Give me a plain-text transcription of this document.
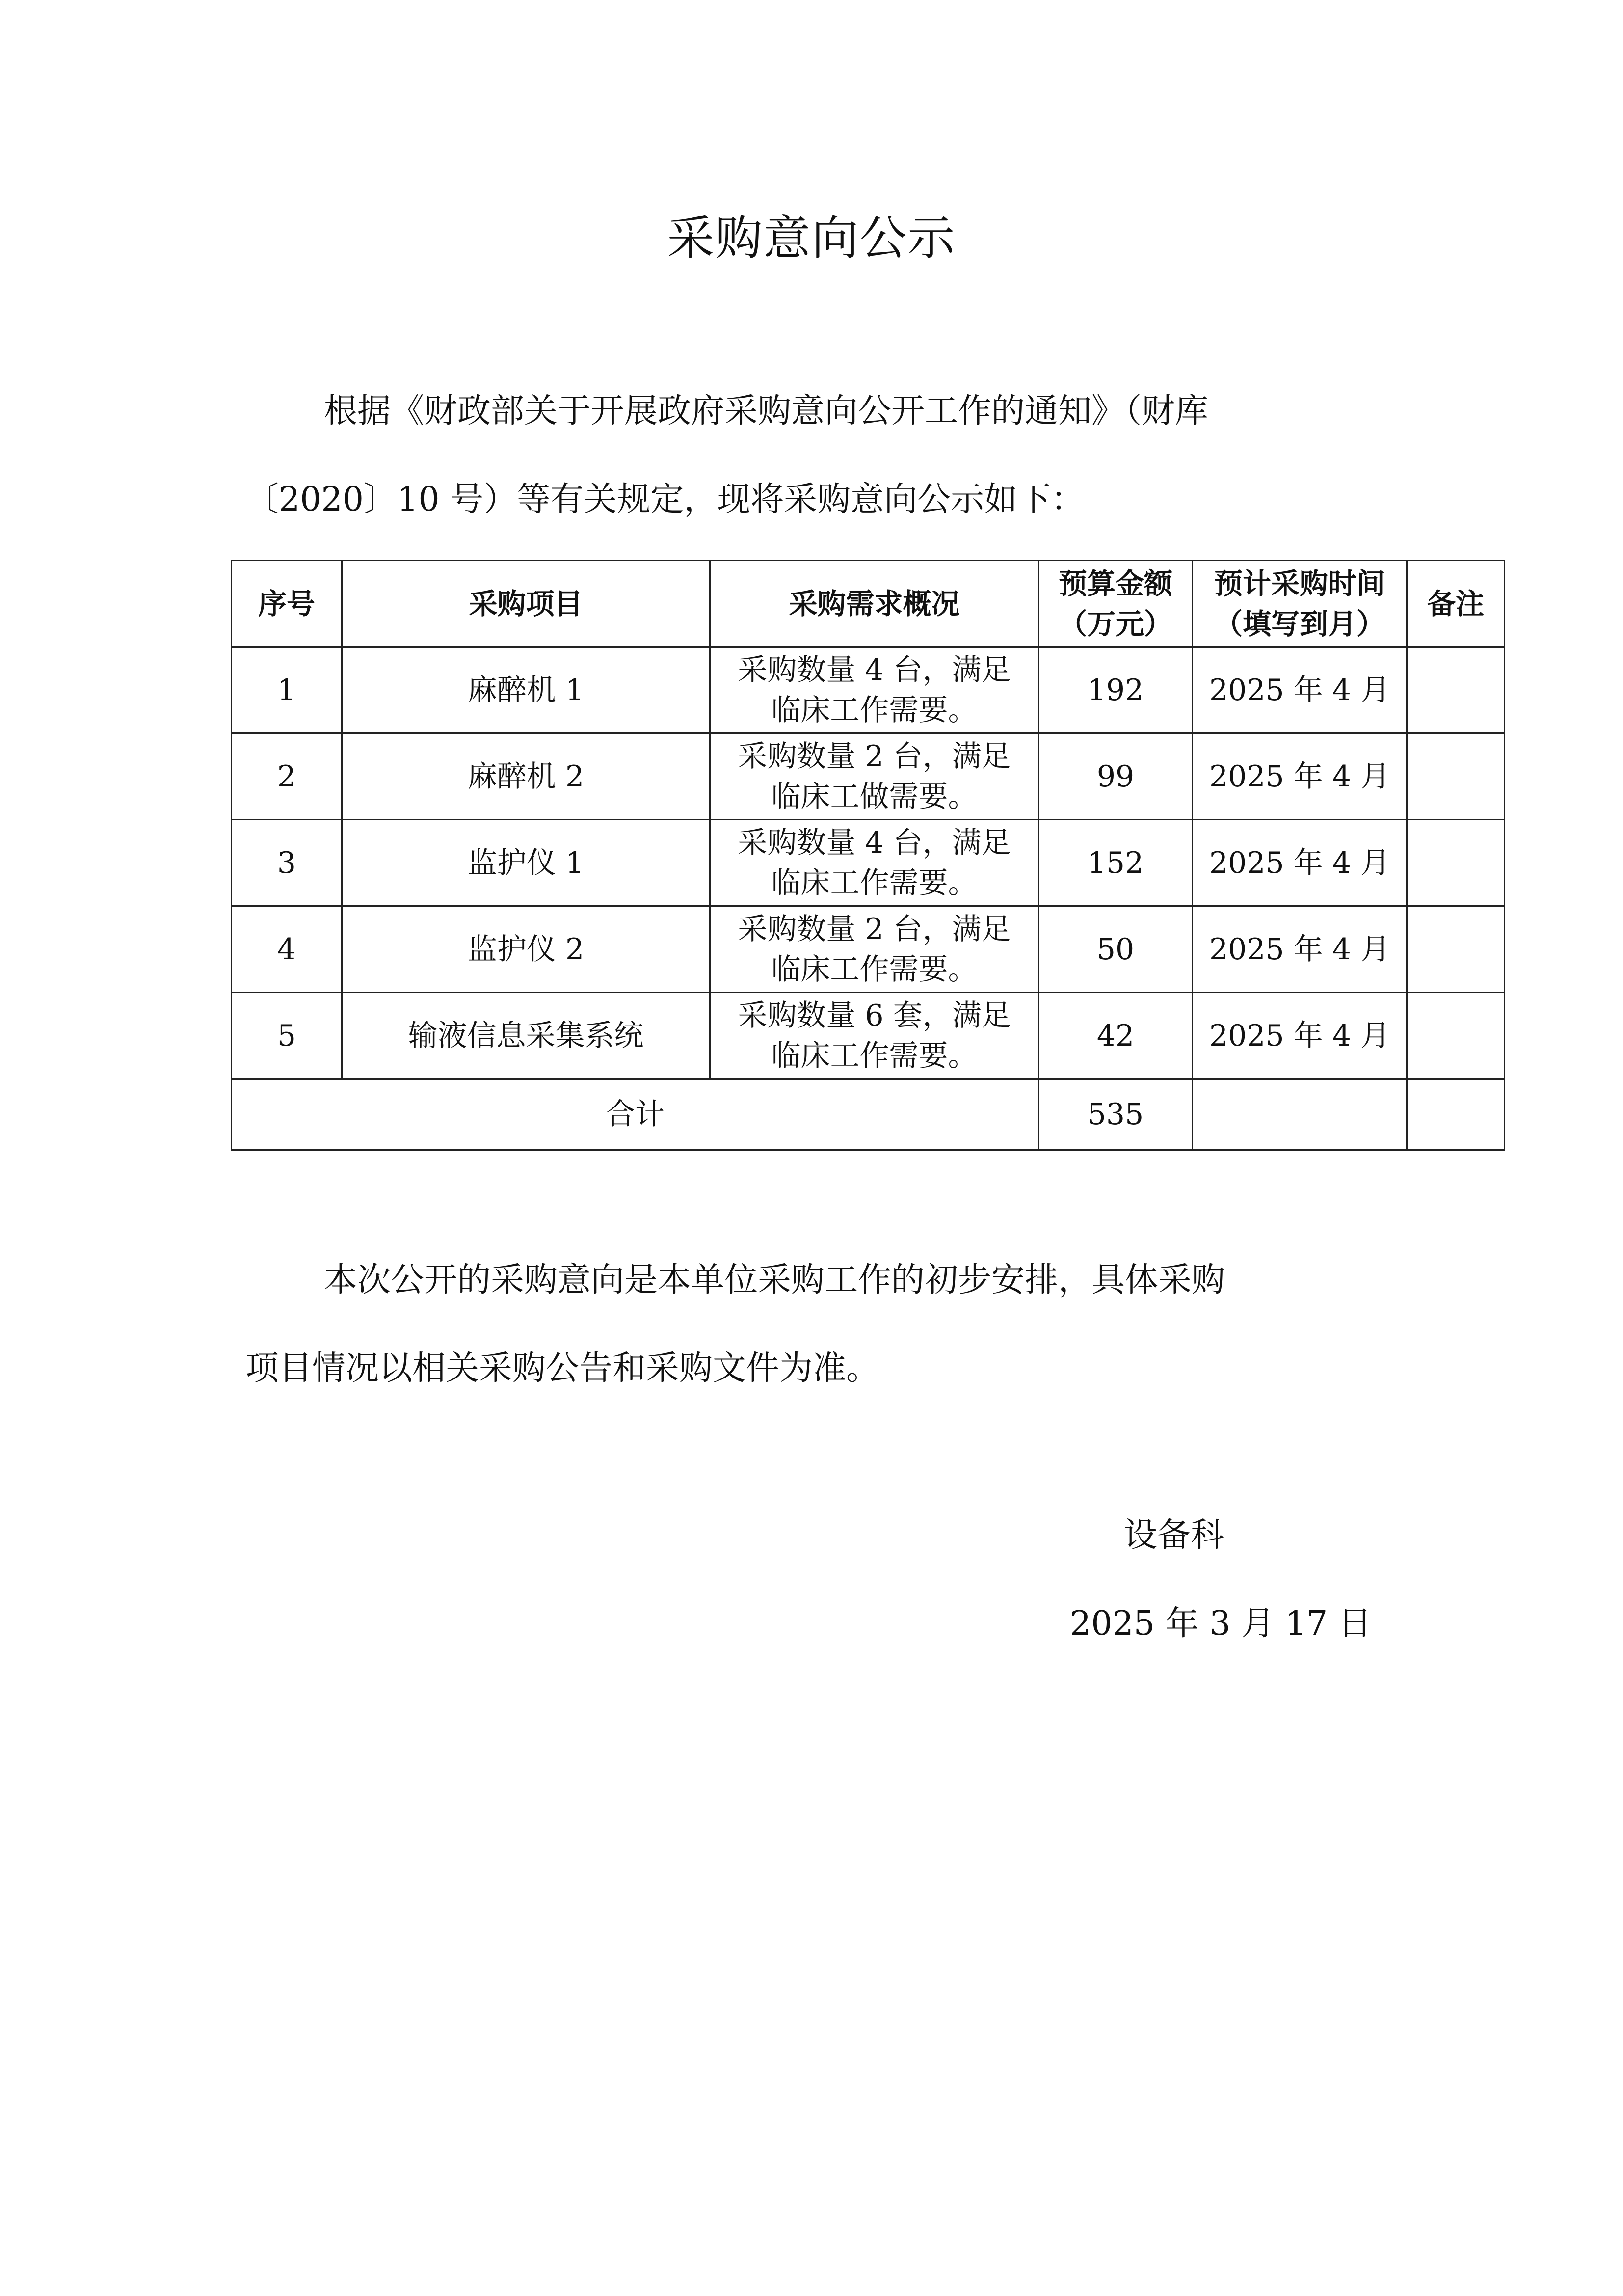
采购意向公示
根据《财政部关于开展政府采购意向公开工作的通知》（财库
〔2020〕10 号）等有关规定，现将采购意向公示如下：
序号	采购项目	采购需求概况	预算金额
（万元）	预计采购时间
（填写到月）	备注
1	麻醉机 1	采购数量 4 台，满足
临床工作需要。	192	2025 年 4 月	
2	麻醉机 2	采购数量 2 台，满足
临床工做需要。	99	2025 年 4 月	
3	监护仪 1	采购数量 4 台，满足
临床工作需要。	152	2025 年 4 月	
4	监护仪 2	采购数量 2 台，满足
临床工作需要。	50	2025 年 4 月	
5	输液信息采集系统	采购数量 6 套，满足
临床工作需要。	42	2025 年 4 月	
合计			535		
本次公开的采购意向是本单位采购工作的初步安排，具体采购
项目情况以相关采购公告和采购文件为准。
设备科
2025 年 3 月 17 日
